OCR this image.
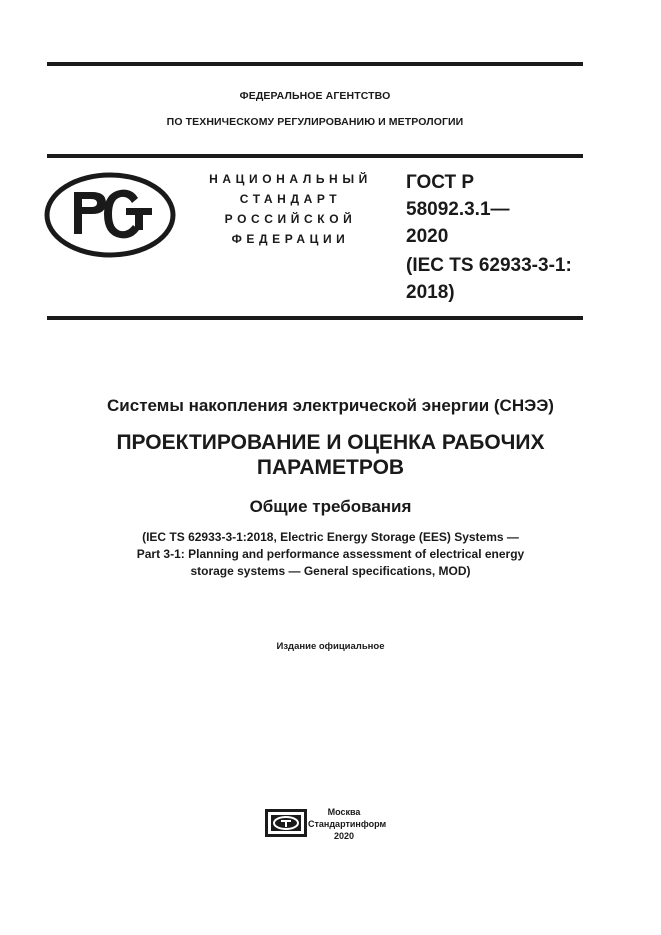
ФЕДЕРАЛЬНОЕ АГЕНТСТВО
ПО ТЕХНИЧЕСКОМУ РЕГУЛИРОВАНИЮ И МЕТРОЛОГИИ
НАЦИОНАЛЬНЫЙ
СТАНДАРТ
РОССИЙСКОЙ
ФЕДЕРАЦИИ
ГОСТ Р
58092.3.1—
2020
(IEC TS 62933-3-1:
2018)
Системы накопления электрической энергии (СНЭЭ)
ПРОЕКТИРОВАНИЕ И ОЦЕНКА РАБОЧИХ
ПАРАМЕТРОВ
Общие требования
(IEC TS 62933-3-1:2018, Electric Energy Storage (EES) Systems —
Part 3-1: Planning and performance assessment of electrical energy
storage systems — General specifications, MOD)
Издание официальное
Москва
Стандартинформ
2020
